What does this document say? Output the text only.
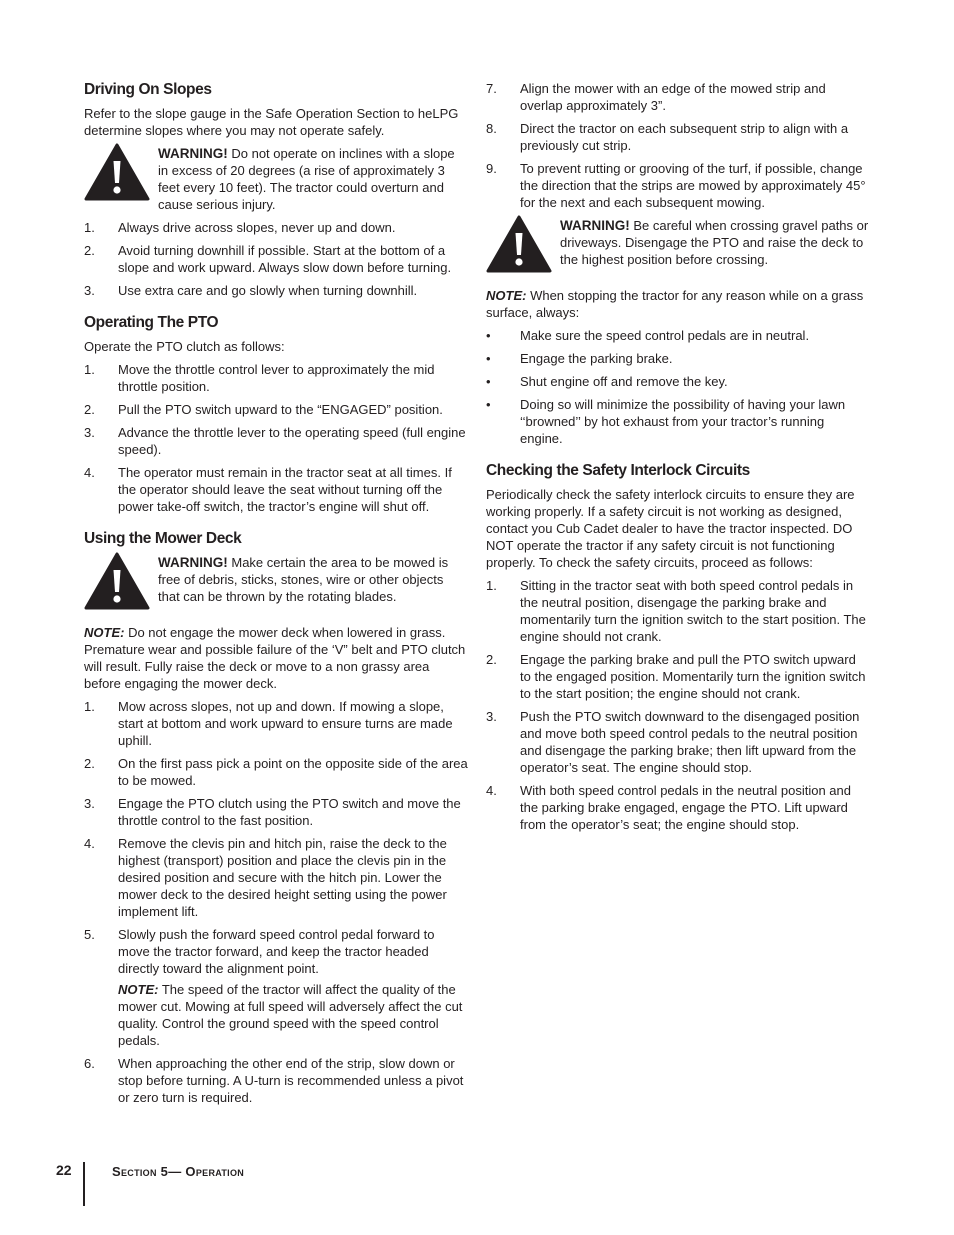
Driving On Slopes

Refer to the slope gauge in the Safe Operation Section to heLPG determine slopes where you may not operate safely.

WARNING! Do not operate on inclines with a slope in excess of 20 degrees (a rise of approximately 3 feet every 10 feet). The tractor could overturn and cause serious injury.
1.	Always drive across slopes, never up and down.
2.	Avoid turning downhill if possible. Start at the bottom of a slope and work upward. Always slow down before turning.
3.	Use extra care and go slowly when turning downhill.
Operating The PTO

Operate the PTO clutch as follows:

1.	Move the throttle control lever to approximately the mid throttle position.
2.	Pull the PTO switch upward to the “ENGAGED” position.
3.	Advance the throttle lever to the operating speed (full engine speed).
4.	The operator must remain in the tractor seat at all times. If the operator should leave the seat without turning off the power take-off switch, the tractor’s engine will shut off.
Using the Mower Deck
WARNING! Make certain the area to be mowed is free of debris, sticks, stones, wire or other objects that can be thrown by the rotating blades.

NOTE: Do not engage the mower deck when lowered in grass. Premature wear and possible failure of the ‘V” belt and PTO clutch will result. Fully raise the deck or move to a non grassy area before engaging the mower deck.

1.	Mow across slopes, not up and down. If mowing a slope, start at bottom and work upward to ensure turns are made uphill.
2.	On the first pass pick a point on the opposite side of the area to be mowed.
3.	Engage the PTO clutch using the PTO switch and move the throttle control to the fast position.
4.	Remove the clevis pin and hitch pin, raise the deck to the highest (transport) position and place the clevis pin in the desired position and secure with the hitch pin. Lower the mower deck to the desired height setting using the power implement lift.
5.	Slowly push the forward speed control pedal forward to move the tractor forward, and keep the tractor headed directly toward the alignment point.
NOTE: The speed of the tractor will affect the quality of the mower cut. Mowing at full speed will adversely affect the cut quality. Control the ground speed with the speed control pedals.
6.	When approaching the other end of the strip, slow down or stop before turning. A U-turn is recommended unless a pivot or zero turn is required.
7.	Align the mower with an edge of the mowed strip and overlap approximately 3”.
8.	Direct the tractor on each subsequent strip to align with a previously cut strip.
9.	To prevent rutting or grooving of the turf, if possible, change the direction that the strips are mowed by approximately 45° for the next and each subsequent mowing.
WARNING! Be careful when crossing gravel paths or driveways. Disengage the PTO and raise the deck to the highest position before crossing.

NOTE: When stopping the tractor for any reason while on a grass surface, always:

•	Make sure the speed control pedals are in neutral.
•	Engage the parking brake.
•	Shut engine off and remove the key.
•	Doing so will minimize the possibility of having your lawn ‘‘browned’’ by hot exhaust from your tractor’s running engine.
Checking the Safety Interlock Circuits

Periodically check the safety interlock circuits to ensure they are working properly. If a safety circuit is not working as designed, contact you Cub Cadet dealer to have the tractor inspected. DO NOT operate the tractor if any safety circuit is not functioning properly. To check the safety circuits, proceed as follows:

1.	Sitting in the tractor seat with both speed control pedals in the neutral position, disengage the parking brake and momentarily turn the ignition switch to the start position. The engine should not crank.
2.	Engage the parking brake and pull the PTO switch upward to the engaged position. Momentarily turn the ignition switch to the start position; the engine should not crank.
3.	Push the PTO switch downward to the disengaged position and move both speed control pedals to the neutral position and disengage the parking brake; then lift upward from the operator’s seat. The engine should stop.
4.	With both speed control pedals in the neutral position and the parking brake engaged, engage the PTO. Lift upward from the operator’s seat; the engine should stop.
22	Section 5— Operation
